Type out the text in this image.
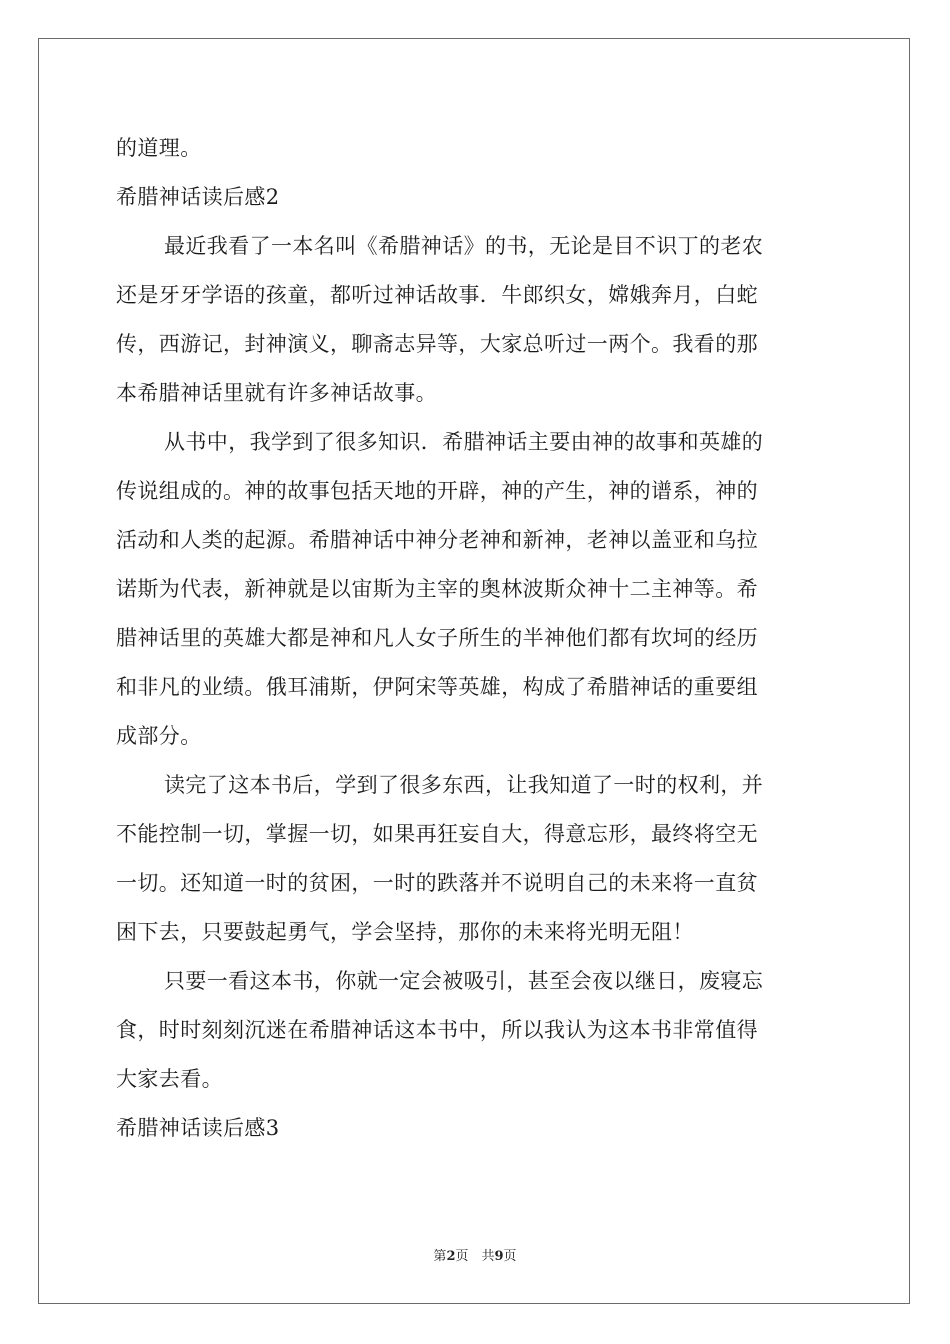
的道理。
希腊神话读后感2
最近我看了一本名叫《希腊神话》的书，无论是目不识丁的老农
还是牙牙学语的孩童，都听过神话故事．牛郎织女，嫦娥奔月，白蛇
传，西游记，封神演义，聊斋志异等，大家总听过一两个。我看的那
本希腊神话里就有许多神话故事。
从书中，我学到了很多知识．希腊神话主要由神的故事和英雄的
传说组成的。神的故事包括天地的开辟，神的产生，神的谱系，神的
活动和人类的起源。希腊神话中神分老神和新神，老神以盖亚和乌拉
诺斯为代表，新神就是以宙斯为主宰的奥林波斯众神十二主神等。希
腊神话里的英雄大都是神和凡人女子所生的半神他们都有坎坷的经历
和非凡的业绩。俄耳浦斯，伊阿宋等英雄，构成了希腊神话的重要组
成部分。
读完了这本书后，学到了很多东西，让我知道了一时的权利，并
不能控制一切，掌握一切，如果再狂妄自大，得意忘形，最终将空无
一切。还知道一时的贫困，一时的跌落并不说明自己的未来将一直贫
困下去，只要鼓起勇气，学会坚持，那你的未来将光明无阻！
只要一看这本书，你就一定会被吸引，甚至会夜以继日，废寝忘
食，时时刻刻沉迷在希腊神话这本书中，所以我认为这本书非常值得
大家去看。
希腊神话读后感3
第2页　共9页
